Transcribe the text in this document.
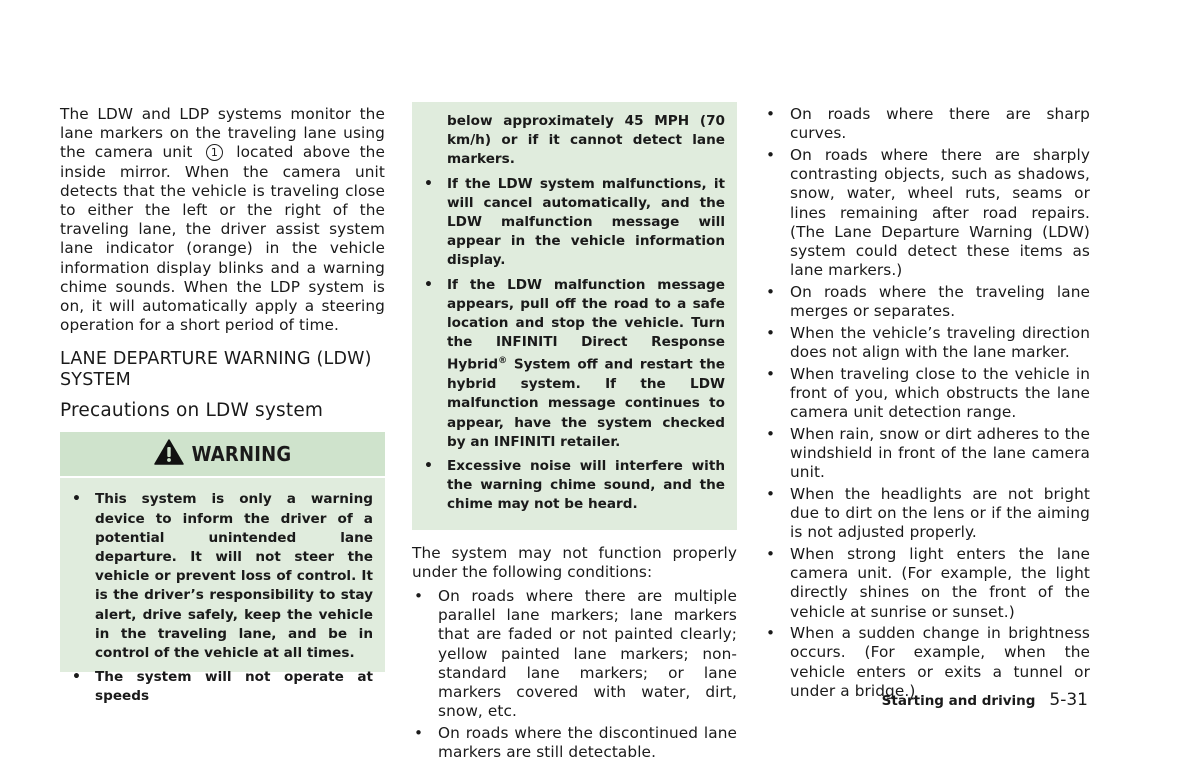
The LDW and LDP systems monitor the lane markers on the traveling lane using the camera unit 1 located above the inside mirror. When the camera unit detects that the vehicle is traveling close to either the left or the right of the traveling lane, the driver assist system lane indicator (orange) in the vehicle information display blinks and a warning chime sounds. When the LDP system is on, it will automatically apply a steering operation for a short period of time.

LANE DEPARTURE WARNING (LDW) SYSTEM
Precautions on LDW system
WARNING
• This system is only a warning device to inform the driver of a potential unintended lane departure. It will not steer the vehicle or prevent loss of control. It is the driver’s responsibility to stay alert, drive safely, keep the vehicle in the traveling lane, and be in control of the vehicle at all times.
• The system will not operate at speeds
below approximately 45 MPH (70 km/h) or if it cannot detect lane markers.
• If the LDW system malfunctions, it will cancel automatically, and the LDW malfunction message will appear in the vehicle information display.
• If the LDW malfunction message appears, pull off the road to a safe location and stop the vehicle. Turn the INFINITI Direct Response Hybrid® System off and restart the hybrid system. If the LDW malfunction message continues to appear, have the system checked by an INFINITI retailer.
• Excessive noise will interfere with the warning chime sound, and the chime may not be heard.

The system may not function properly under the following conditions:

• On roads where there are multiple parallel lane markers; lane markers that are faded or not painted clearly; yellow painted lane markers; non-standard lane markers; or lane markers covered with water, dirt, snow, etc.
• On roads where the discontinued lane markers are still detectable.
• On roads where there are sharp curves.
• On roads where there are sharply contrasting objects, such as shadows, snow, water, wheel ruts, seams or lines remaining after road repairs. (The Lane Departure Warning (LDW) system could detect these items as lane markers.)
• On roads where the traveling lane merges or separates.
• When the vehicle’s traveling direction does not align with the lane marker.
• When traveling close to the vehicle in front of you, which obstructs the lane camera unit detection range.
• When rain, snow or dirt adheres to the windshield in front of the lane camera unit.
• When the headlights are not bright due to dirt on the lens or if the aiming is not adjusted properly.
• When strong light enters the lane camera unit. (For example, the light directly shines on the front of the vehicle at sunrise or sunset.)
• When a sudden change in brightness occurs. (For example, when the vehicle enters or exits a tunnel or under a bridge.)
Starting and driving 5-31
